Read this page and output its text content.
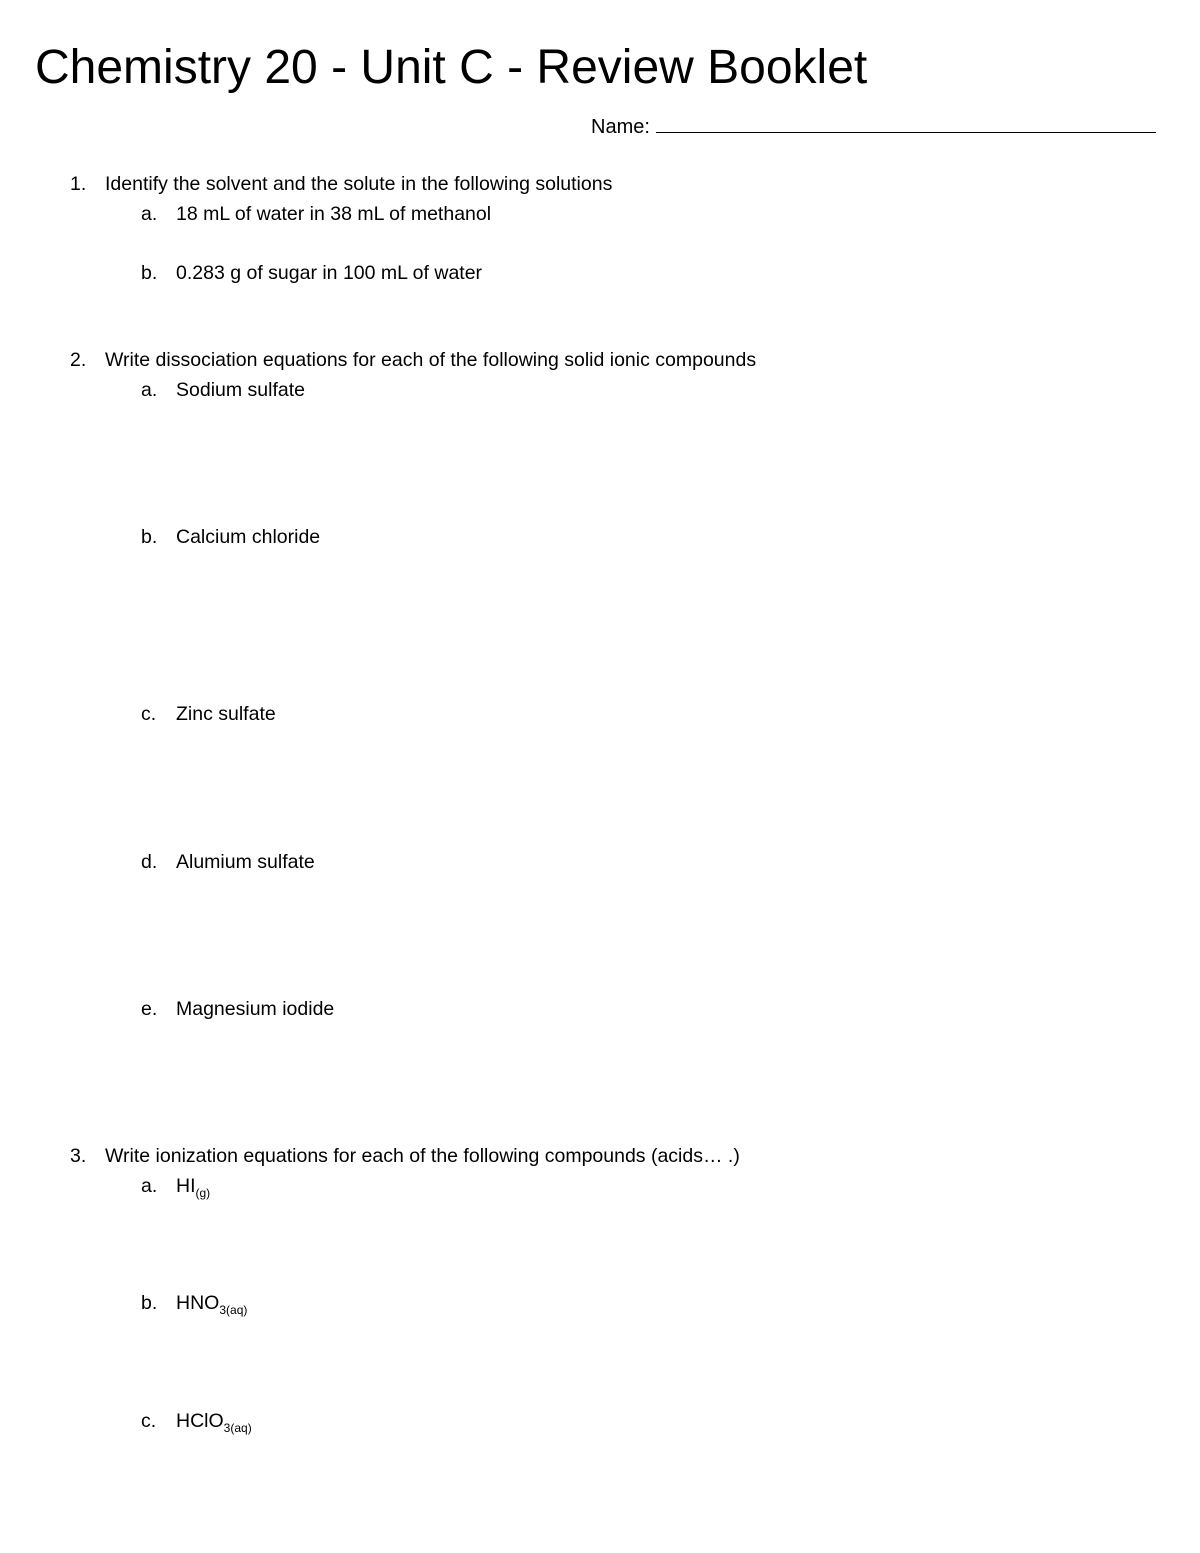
Chemistry 20 - Unit C - Review Booklet
Name:
1. Identify the solvent and the solute in the following solutions
a. 18 mL of water in 38 mL of methanol
b. 0.283 g of sugar in 100 mL of water
2. Write dissociation equations for each of the following solid ionic compounds
a. Sodium sulfate
b. Calcium chloride
c. Zinc sulfate
d. Alumium sulfate
e. Magnesium iodide
3. Write ionization equations for each of the following compounds (acids… .)
a. $HI_{(g)}$
b. $HNO_{3(aq)}$
c. HClO$_{3(aq)}$
